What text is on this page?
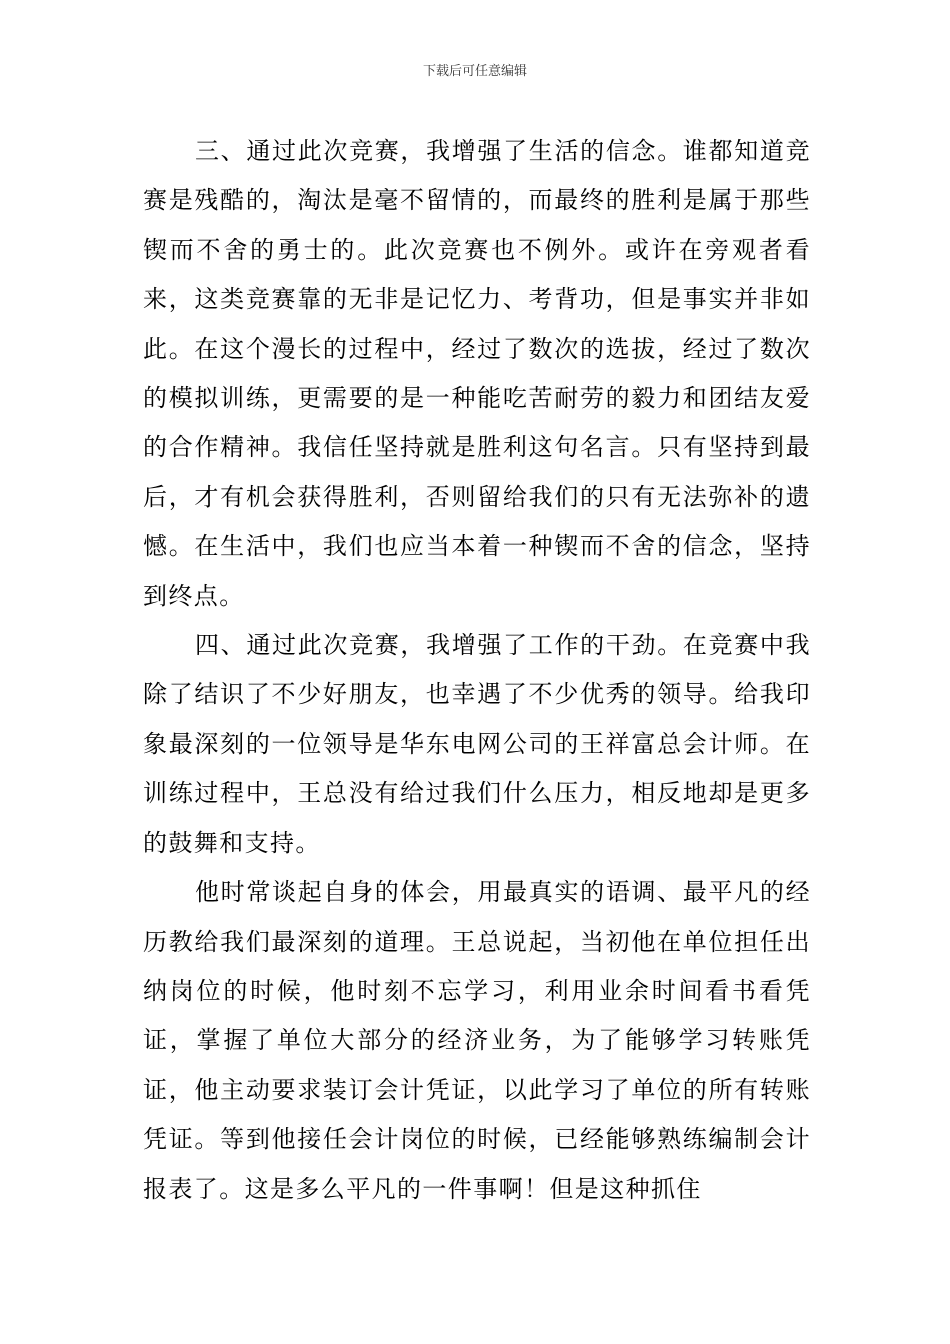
下载后可任意编辑

三、通过此次竞赛，我增强了生活的信念。谁都知道竞赛是残酷的，淘汰是毫不留情的，而最终的胜利是属于那些锲而不舍的勇士的。此次竞赛也不例外。或许在旁观者看来，这类竞赛靠的无非是记忆力、考背功，但是事实并非如此。在这个漫长的过程中，经过了数次的选拔，经过了数次的模拟训练，更需要的是一种能吃苦耐劳的毅力和团结友爱的合作精神。我信任坚持就是胜利这句名言。只有坚持到最后，才有机会获得胜利，否则留给我们的只有无法弥补的遗憾。在生活中，我们也应当本着一种锲而不舍的信念，坚持到终点。

四、通过此次竞赛，我增强了工作的干劲。在竞赛中我除了结识了不少好朋友，也幸遇了不少优秀的领导。给我印象最深刻的一位领导是华东电网公司的王祥富总会计师。在训练过程中，王总没有给过我们什么压力，相反地却是更多的鼓舞和支持。

他时常谈起自身的体会，用最真实的语调、最平凡的经历教给我们最深刻的道理。王总说起，当初他在单位担任出纳岗位的时候，他时刻不忘学习，利用业余时间看书看凭证，掌握了单位大部分的经济业务，为了能够学习转账凭证，他主动要求装订会计凭证，以此学习了单位的所有转账凭证。等到他接任会计岗位的时候，已经能够熟练编制会计报表了。这是多么平凡的一件事啊！但是这种抓住
